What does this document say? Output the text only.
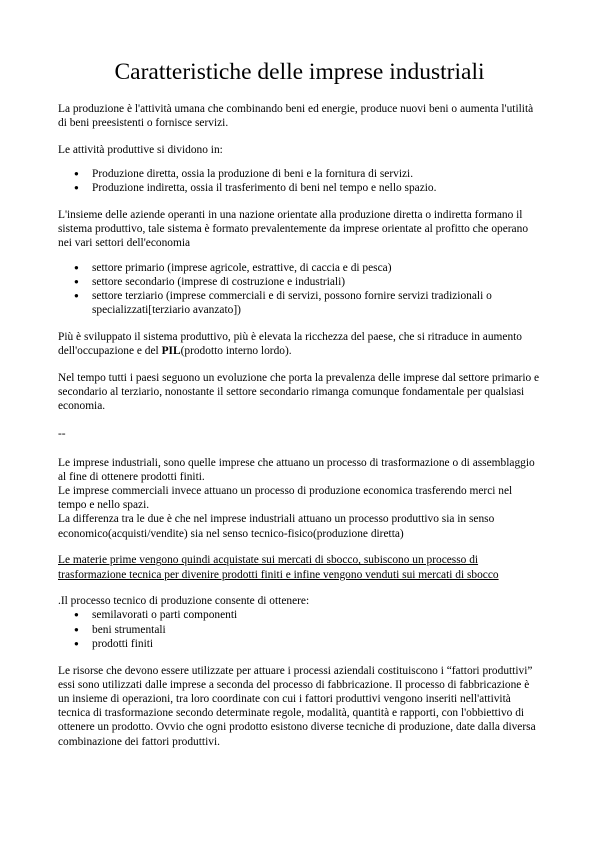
Caratteristiche delle imprese industriali

La produzione è l'attività umana che combinando beni ed energie, produce nuovi beni o aumenta l'utilità di beni preesistenti o fornisce servizi.

Le attività produttive si dividono in:

● Produzione diretta, ossia la produzione di beni e la fornitura di servizi.
● Produzione indiretta, ossia il trasferimento di beni nel tempo e nello spazio.

L'insieme delle aziende operanti in una nazione orientate alla produzione diretta o indiretta formano il sistema produttivo, tale sistema è formato prevalentemente da imprese orientate al profitto che operano nei vari settori dell'economia

● settore primario (imprese agricole, estrattive, di caccia e di pesca)
● settore secondario (imprese di costruzione e industriali)
● settore terziario (imprese commerciali e di servizi, possono fornire servizi tradizionali o specializzati[terziario avanzato])

Più è sviluppato il sistema produttivo, più è elevata la ricchezza del paese, che si ritraduce in aumento dell'occupazione e del PIL(prodotto interno lordo).

Nel tempo tutti i paesi seguono un evoluzione che porta la prevalenza delle imprese dal settore primario e secondario al terziario, nonostante il settore secondario rimanga comunque fondamentale per qualsiasi economia.

--

Le imprese industriali, sono quelle imprese che attuano un processo di trasformazione o di assemblaggio al fine di ottenere prodotti finiti.

Le imprese commerciali invece attuano un processo di produzione economica trasferendo merci nel tempo e nello spazi.

La differenza tra le due è che nel imprese industriali attuano un processo produttivo sia in senso economico(acquisti/vendite) sia nel senso tecnico-fisico(produzione diretta)

Le materie prime vengono quindi acquistate sui mercati di sbocco, subiscono un processo di trasformazione tecnica per divenire prodotti finiti e infine vengono venduti sui mercati di sbocco

.Il processo tecnico di produzione consente di ottenere:

● semilavorati o parti componenti
● beni strumentali
● prodotti finiti

Le risorse che devono essere utilizzate per attuare i processi aziendali costituiscono i “fattori produttivi” essi sono utilizzati dalle imprese a seconda del processo di fabbricazione. Il processo di fabbricazione è un insieme di operazioni, tra loro coordinate con cui i fattori produttivi vengono inseriti nell'attività tecnica di trasformazione secondo determinate regole, modalità, quantità e rapporti, con l'obbiettivo di ottenere un prodotto. Ovvio che ogni prodotto esistono diverse tecniche di produzione, date dalla diversa combinazione dei fattori produttivi.
